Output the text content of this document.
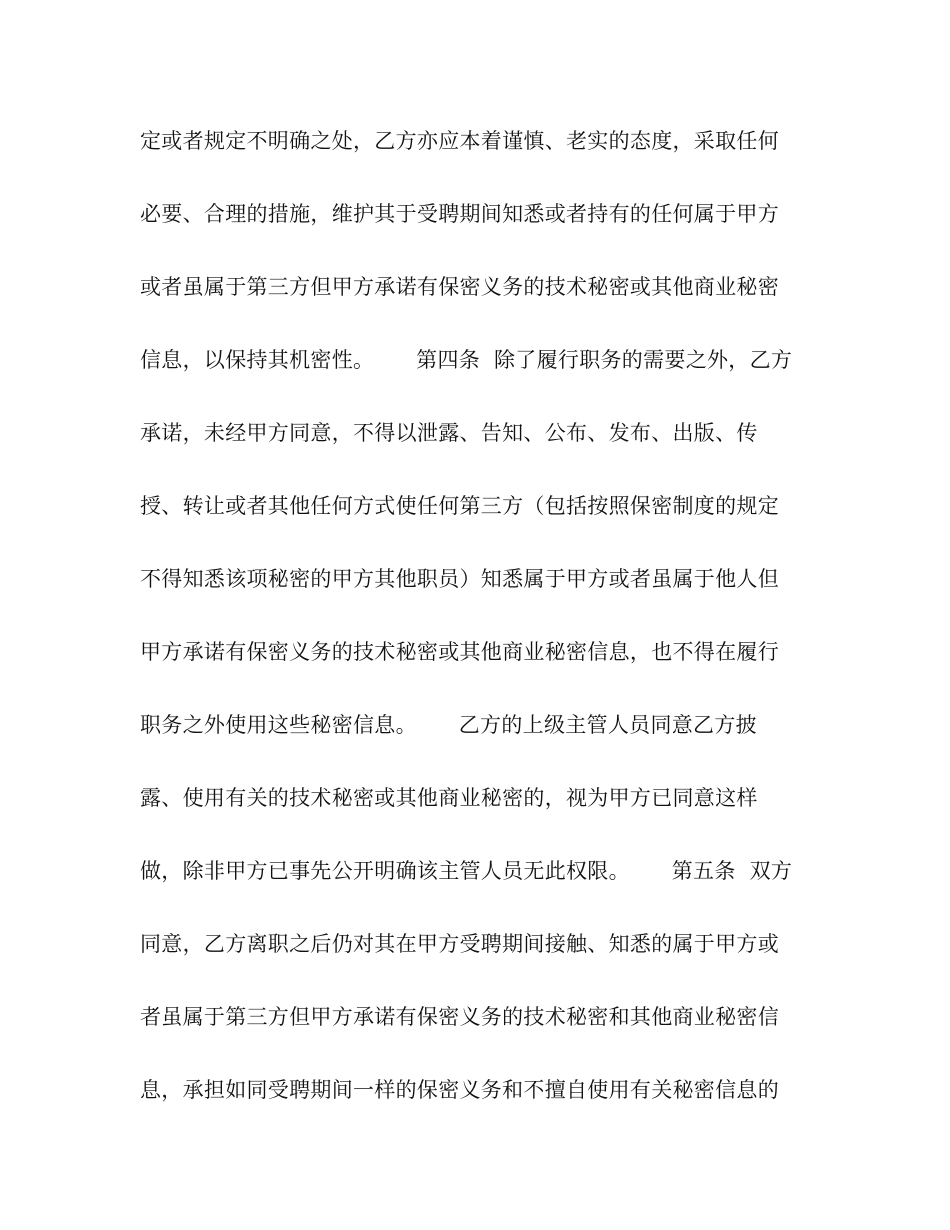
定或者规定不明确之处，乙方亦应本着谨慎、老实的态度，采取任何
必要、合理的措施，维护其于受聘期间知悉或者持有的任何属于甲方
或者虽属于第三方但甲方承诺有保密义务的技术秘密或其他商业秘密
信息，以保持其机密性。      第四条  除了履行职务的需要之外，乙方
承诺，未经甲方同意，不得以泄露、告知、公布、发布、出版、传
授、转让或者其他任何方式使任何第三方（包括按照保密制度的规定
不得知悉该项秘密的甲方其他职员）知悉属于甲方或者虽属于他人但
甲方承诺有保密义务的技术秘密或其他商业秘密信息，也不得在履行
职务之外使用这些秘密信息。      乙方的上级主管人员同意乙方披
露、使用有关的技术秘密或其他商业秘密的，视为甲方已同意这样
做，除非甲方已事先公开明确该主管人员无此权限。      第五条  双方
同意，乙方离职之后仍对其在甲方受聘期间接触、知悉的属于甲方或
者虽属于第三方但甲方承诺有保密义务的技术秘密和其他商业秘密信
息，承担如同受聘期间一样的保密义务和不擅自使用有关秘密信息的
